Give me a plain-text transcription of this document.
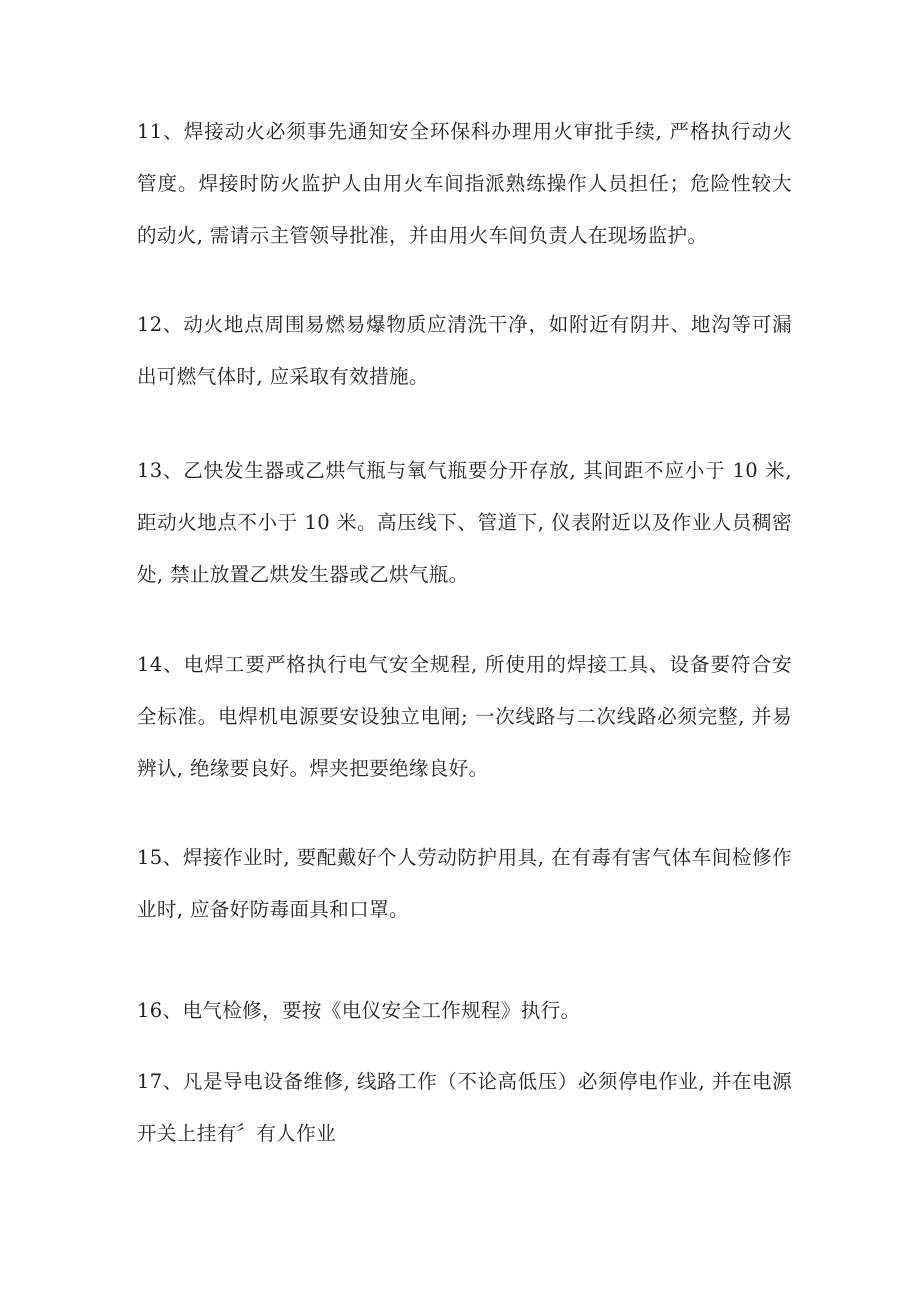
11、焊接动火必须事先通知安全环保科办理用火审批手续, 严格执行动火管度。焊接时防火监护人由用火车间指派熟练操作人员担任；危险性较大的动火, 需请示主管领导批准，并由用火车间负责人在现场监护。

12、动火地点周围易燃易爆物质应清洗干净，如附近有阴井、地沟等可漏出可燃气体时, 应采取有效措施。

13、乙快发生器或乙烘气瓶与氧气瓶要分开存放, 其间距不应小于 10 米, 距动火地点不小于 10 米。高压线下、管道下, 仪表附近以及作业人员稠密处, 禁止放置乙烘发生器或乙烘气瓶。

14、电焊工要严格执行电气安全规程, 所使用的焊接工具、设备要符合安全标准。电焊机电源要安设独立电闸; 一次线路与二次线路必须完整, 并易辨认, 绝缘要良好。焊夹把要绝缘良好。

15、焊接作业时, 要配戴好个人劳动防护用具, 在有毒有害气体车间检修作业时, 应备好防毒面具和口罩。

16、电气检修，要按《电仪安全工作规程》执行。

17、凡是导电设备维修, 线路工作（不论高低压）必须停电作业, 并在电源开关上挂有〞有人作业
